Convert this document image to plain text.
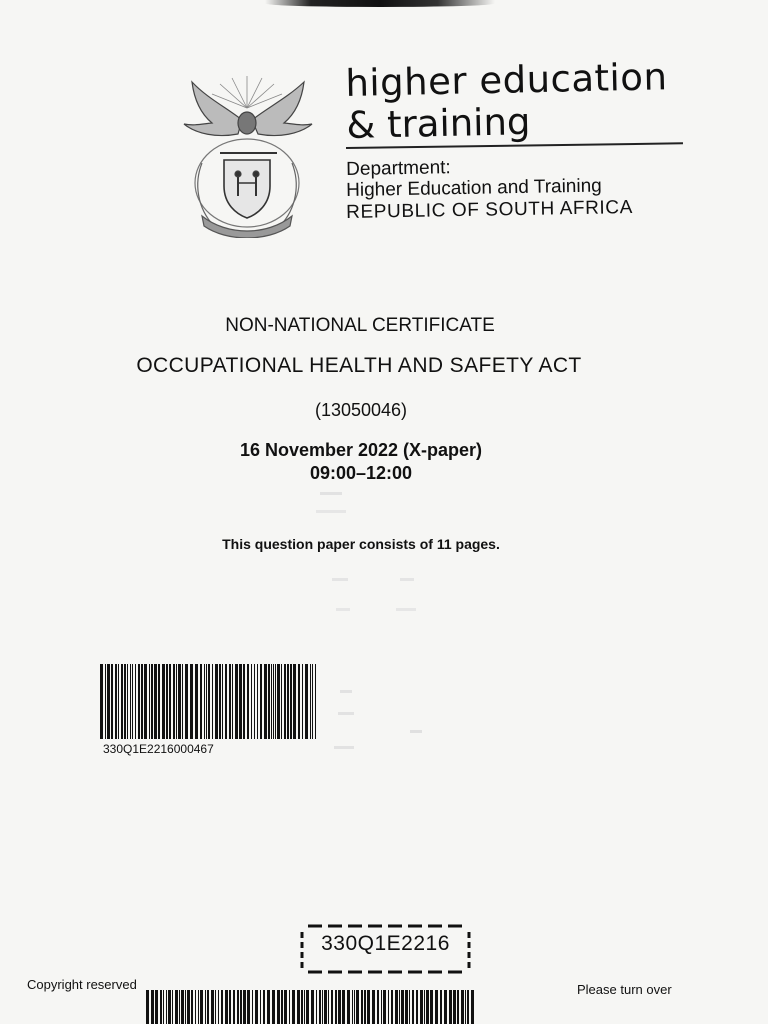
higher education
& training
Department:
Higher Education and Training
REPUBLIC OF SOUTH AFRICA
NON-NATIONAL CERTIFICATE
OCCUPATIONAL HEALTH AND SAFETY ACT
(13050046)
16 November 2022 (X-paper)
09:00–12:00
This question paper consists of 11 pages.
330Q1E2216000467
330Q1E2216
Copyright reserved	Please turn over
